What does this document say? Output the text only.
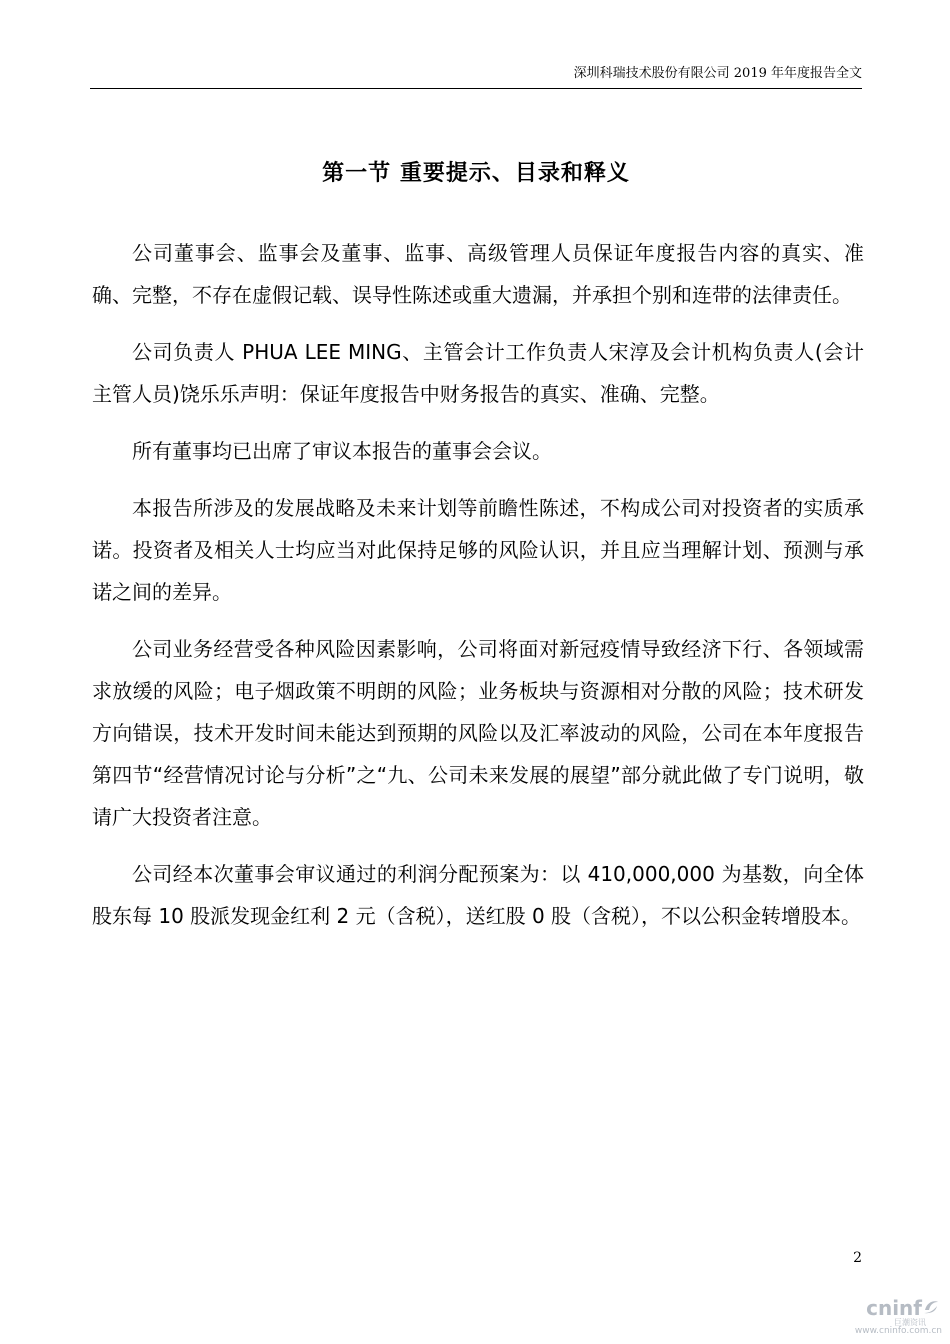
深圳科瑞技术股份有限公司 2019 年年度报告全文
第一节 重要提示、目录和释义

公司董事会、监事会及董事、监事、高级管理人员保证年度报告内容的真实、准确、完整，不存在虚假记载、误导性陈述或重大遗漏，并承担个别和连带的法律责任。

公司负责人 PHUA LEE MING、主管会计工作负责人宋淳及会计机构负责人(会计主管人员)饶乐乐声明：保证年度报告中财务报告的真实、准确、完整。

所有董事均已出席了审议本报告的董事会会议。

本报告所涉及的发展战略及未来计划等前瞻性陈述，不构成公司对投资者的实质承诺。投资者及相关人士均应当对此保持足够的风险认识，并且应当理解计划、预测与承诺之间的差异。

公司业务经营受各种风险因素影响，公司将面对新冠疫情导致经济下行、各领域需求放缓的风险；电子烟政策不明朗的风险；业务板块与资源相对分散的风险；技术研发方向错误，技术开发时间未能达到预期的风险以及汇率波动的风险，公司在本年度报告第四节“经营情况讨论与分析”之“九、公司未来发展的展望”部分就此做了专门说明，敬请广大投资者注意。

公司经本次董事会审议通过的利润分配预案为：以 410,000,000 为基数，向全体股东每 10 股派发现金红利 2 元（含税），送红股 0 股（含税），不以公积金转增股本。

2
cninf
巨潮资讯
www.cninfo.com.cn
